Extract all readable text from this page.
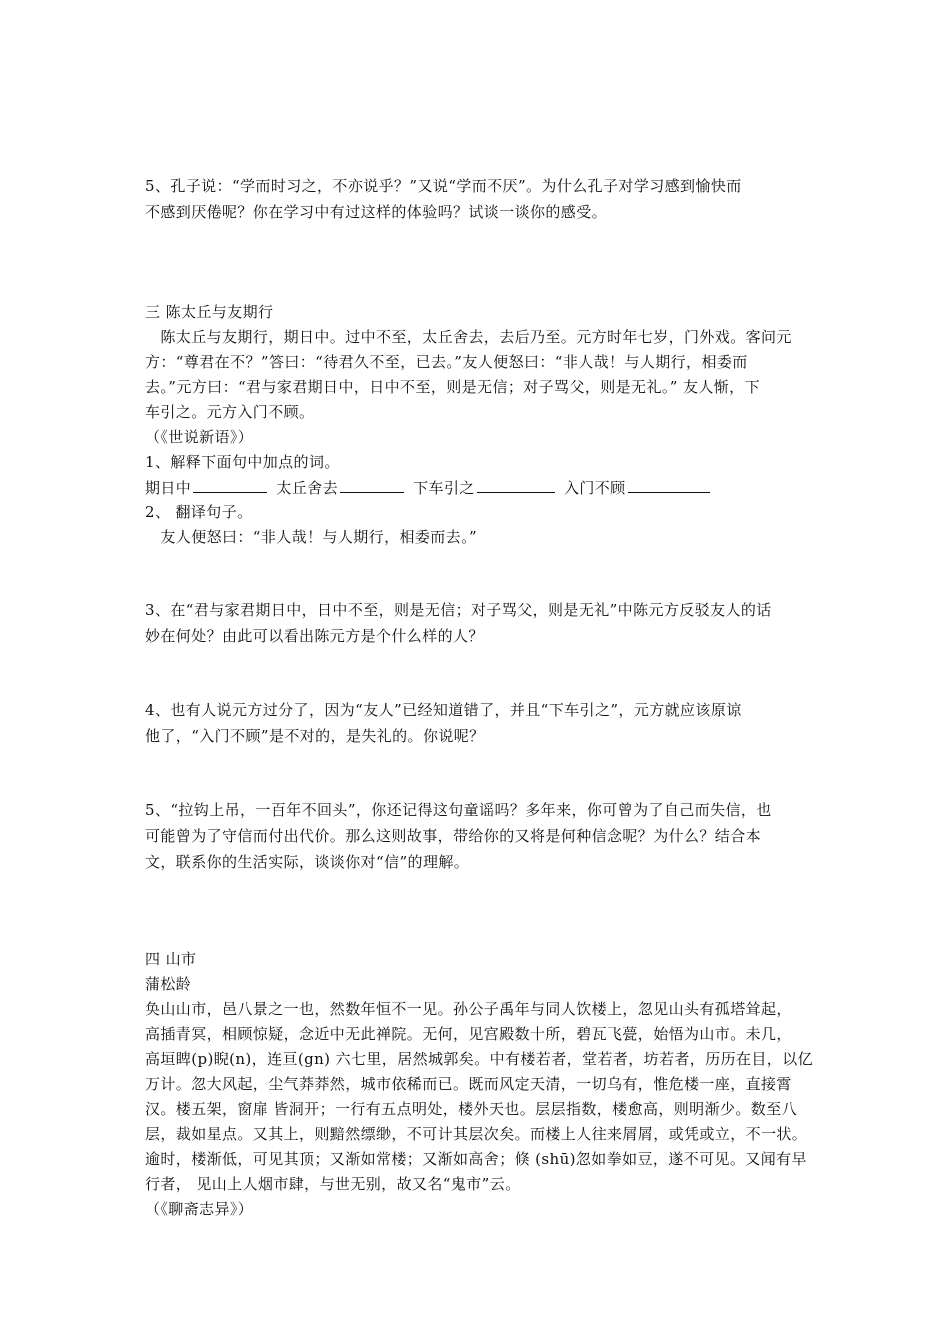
5、孔子说：“学而时习之，不亦说乎？”又说“学而不厌”。为什么孔子对学习感到愉快而
不感到厌倦呢？你在学习中有过这样的体验吗？试谈一谈你的感受。
三 陈太丘与友期行
　陈太丘与友期行，期日中。过中不至，太丘舍去，去后乃至。元方时年七岁，门外戏。客问元
方：“尊君在不？”答曰：“待君久不至，已去。”友人便怒曰：“非人哉！与人期行，相委而
去。”元方曰：“君与家君期日中，日中不至，则是无信；对子骂父，则是无礼。” 友人惭，下
车引之。元方入门不顾。
（《世说新语》）
1、解释下面句中加点的词。
期日中	太丘舍去	下车引之	入门不顾
2、 翻译句子。
　友人便怒曰：“非人哉！与人期行，相委而去。”
3、在“君与家君期日中，日中不至，则是无信；对子骂父，则是无礼”中陈元方反驳友人的话
妙在何处？由此可以看出陈元方是个什么样的人？
4、也有人说元方过分了，因为“友人”已经知道错了，并且“下车引之”，元方就应该原谅
他了，“入门不顾”是不对的，是失礼的。你说呢？
5、“拉钩上吊，一百年不回头”，你还记得这句童谣吗？多年来，你可曾为了自己而失信，也
可能曾为了守信而付出代价。那么这则故事，带给你的又将是何种信念呢？为什么？结合本
文，联系你的生活实际，谈谈你对“信”的理解。
四 山市
蒲松龄
奂山山市，邑八景之一也，然数年恒不一见。孙公子禹年与同人饮楼上，忽见山头有孤塔耸起，
高插青冥，相顾惊疑，念近中无此禅院。无何，见宫殿数十所，碧瓦飞甍，始悟为山市。未几，
高垣睥(p)睨(n)，连亘(gn) 六七里，居然城郭矣。中有楼若者，堂若者，坊若者，历历在目，以亿
万计。忽大风起，尘气莽莽然，城市依稀而已。既而风定天清，一切乌有，惟危楼一座，直接霄
汉。楼五架，窗扉 皆洞开；一行有五点明处，楼外天也。层层指数，楼愈高，则明渐少。数至八
层，裁如星点。又其上，则黯然缥缈，不可计其层次矣。而楼上人往来屑屑，或凭或立，不一状。
逾时，楼渐低，可见其顶；又渐如常楼；又渐如高舍；倏 (shū)忽如拳如豆，遂不可见。又闻有早
行者， 见山上人烟市肆，与世无别，故又名“鬼市”云。
（《聊斋志异》）
